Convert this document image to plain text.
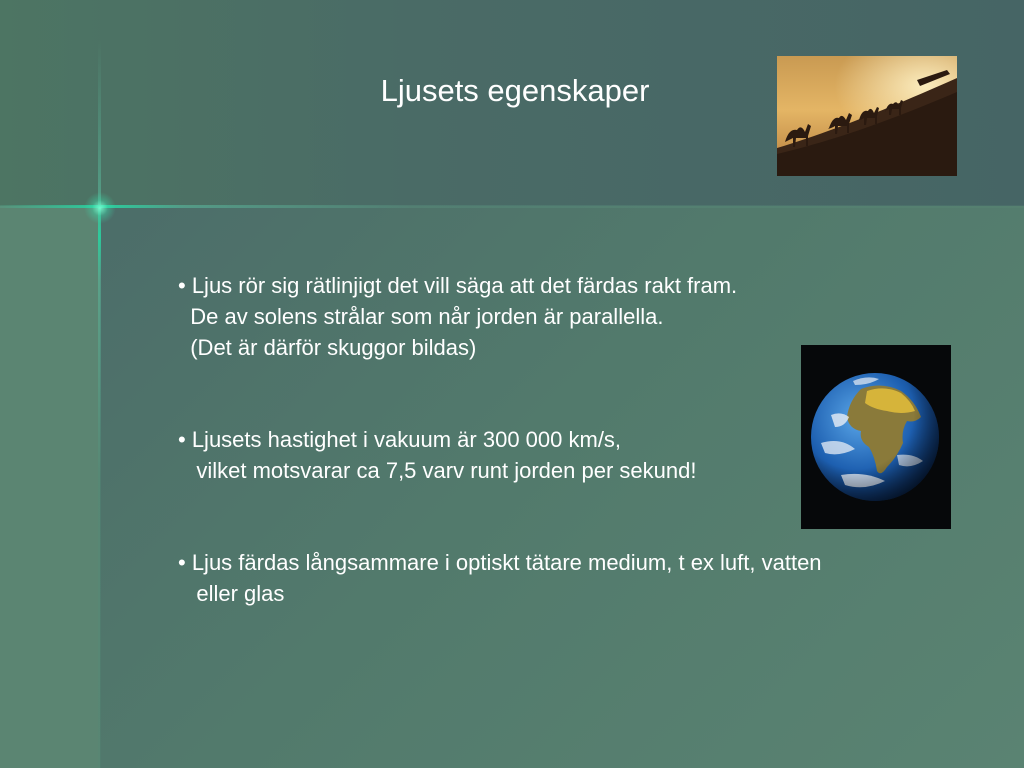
Ljusets egenskaper

• Ljus rör sig rätlinjigt det vill säga att det färdas rakt fram.
De av solens strålar som når jorden är parallella.
(Det är därför skuggor bildas)

• Ljusets hastighet i vakuum är 300 000 km/s,
vilket motsvarar ca 7,5 varv runt jorden per sekund!

• Ljus färdas långsammare i optiskt tätare medium, t ex luft, vatten
eller glas
